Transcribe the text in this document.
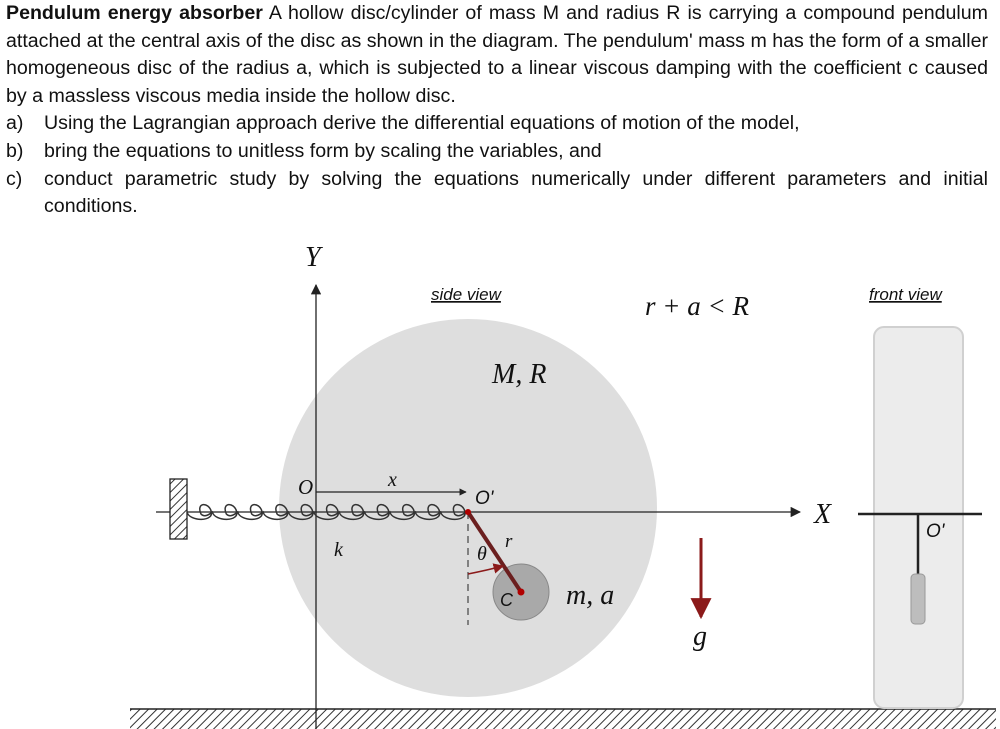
Pendulum energy absorber A hollow disc/cylinder of mass M and radius R is carrying a compound pendulum attached at the central axis of the disc as shown in the diagram. The pendulum' mass m has the form of a smaller homogeneous disc of the radius a, which is subjected to a linear viscous damping with the coefficient c caused by a massless viscous media inside the hollow disc.

a) Using the Lagrangian approach derive the differential equations of motion of the model,

b) bring the equations to unitless form by scaling the variables, and

c) conduct parametric study by solving the equations numerically under different parameters and initial conditions.

Y
X
side view	front view
r + a < R
M, R
O	x
O'
k	θ
r
C m, a
g
O'
